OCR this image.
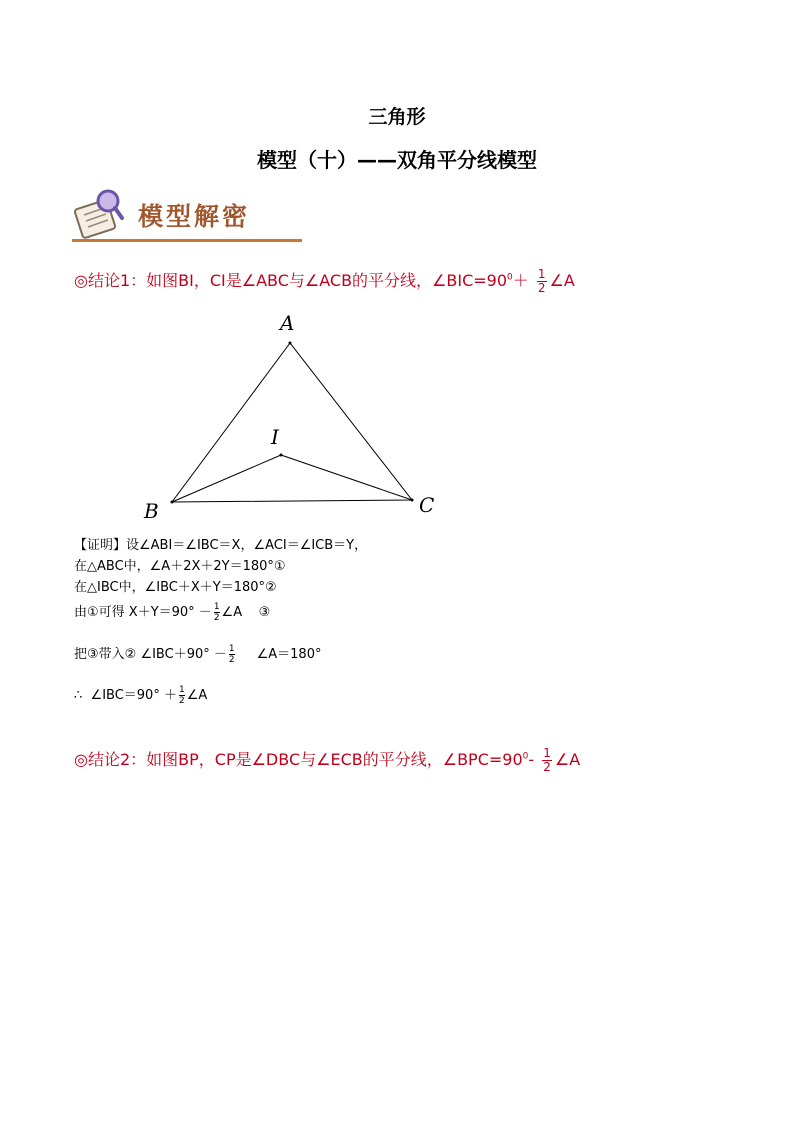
三角形
模型（十）——双角平分线模型
模型解密
◎结论1：如图BI，CI是∠ABC与∠ACB的平分线，$\angle BIC=90^0+ \frac{1}{2}$ ∠A
A
I
B	C
【证明】设∠ABI＝∠IBC＝X，∠ACI＝∠ICB＝Y，
在△ABC中，∠A＋2X＋2Y＝180°①
在△IBC中，∠IBC＋X＋Y＝180°②
由①可得 $X+Y=90^\circ - \frac{1}{2}$ ∠A    ③
把③带入② ∠IBC＋90° － $\frac{1}{2}$ ∠A＝180°
∴  ∠IBC＝90° ＋ $\frac{1}{2}$ ∠A
◎结论2：如图BP，CP是∠DBC与∠ECB的平分线，$\angle BPC=90^0- \frac{1}{2}$ ∠A
